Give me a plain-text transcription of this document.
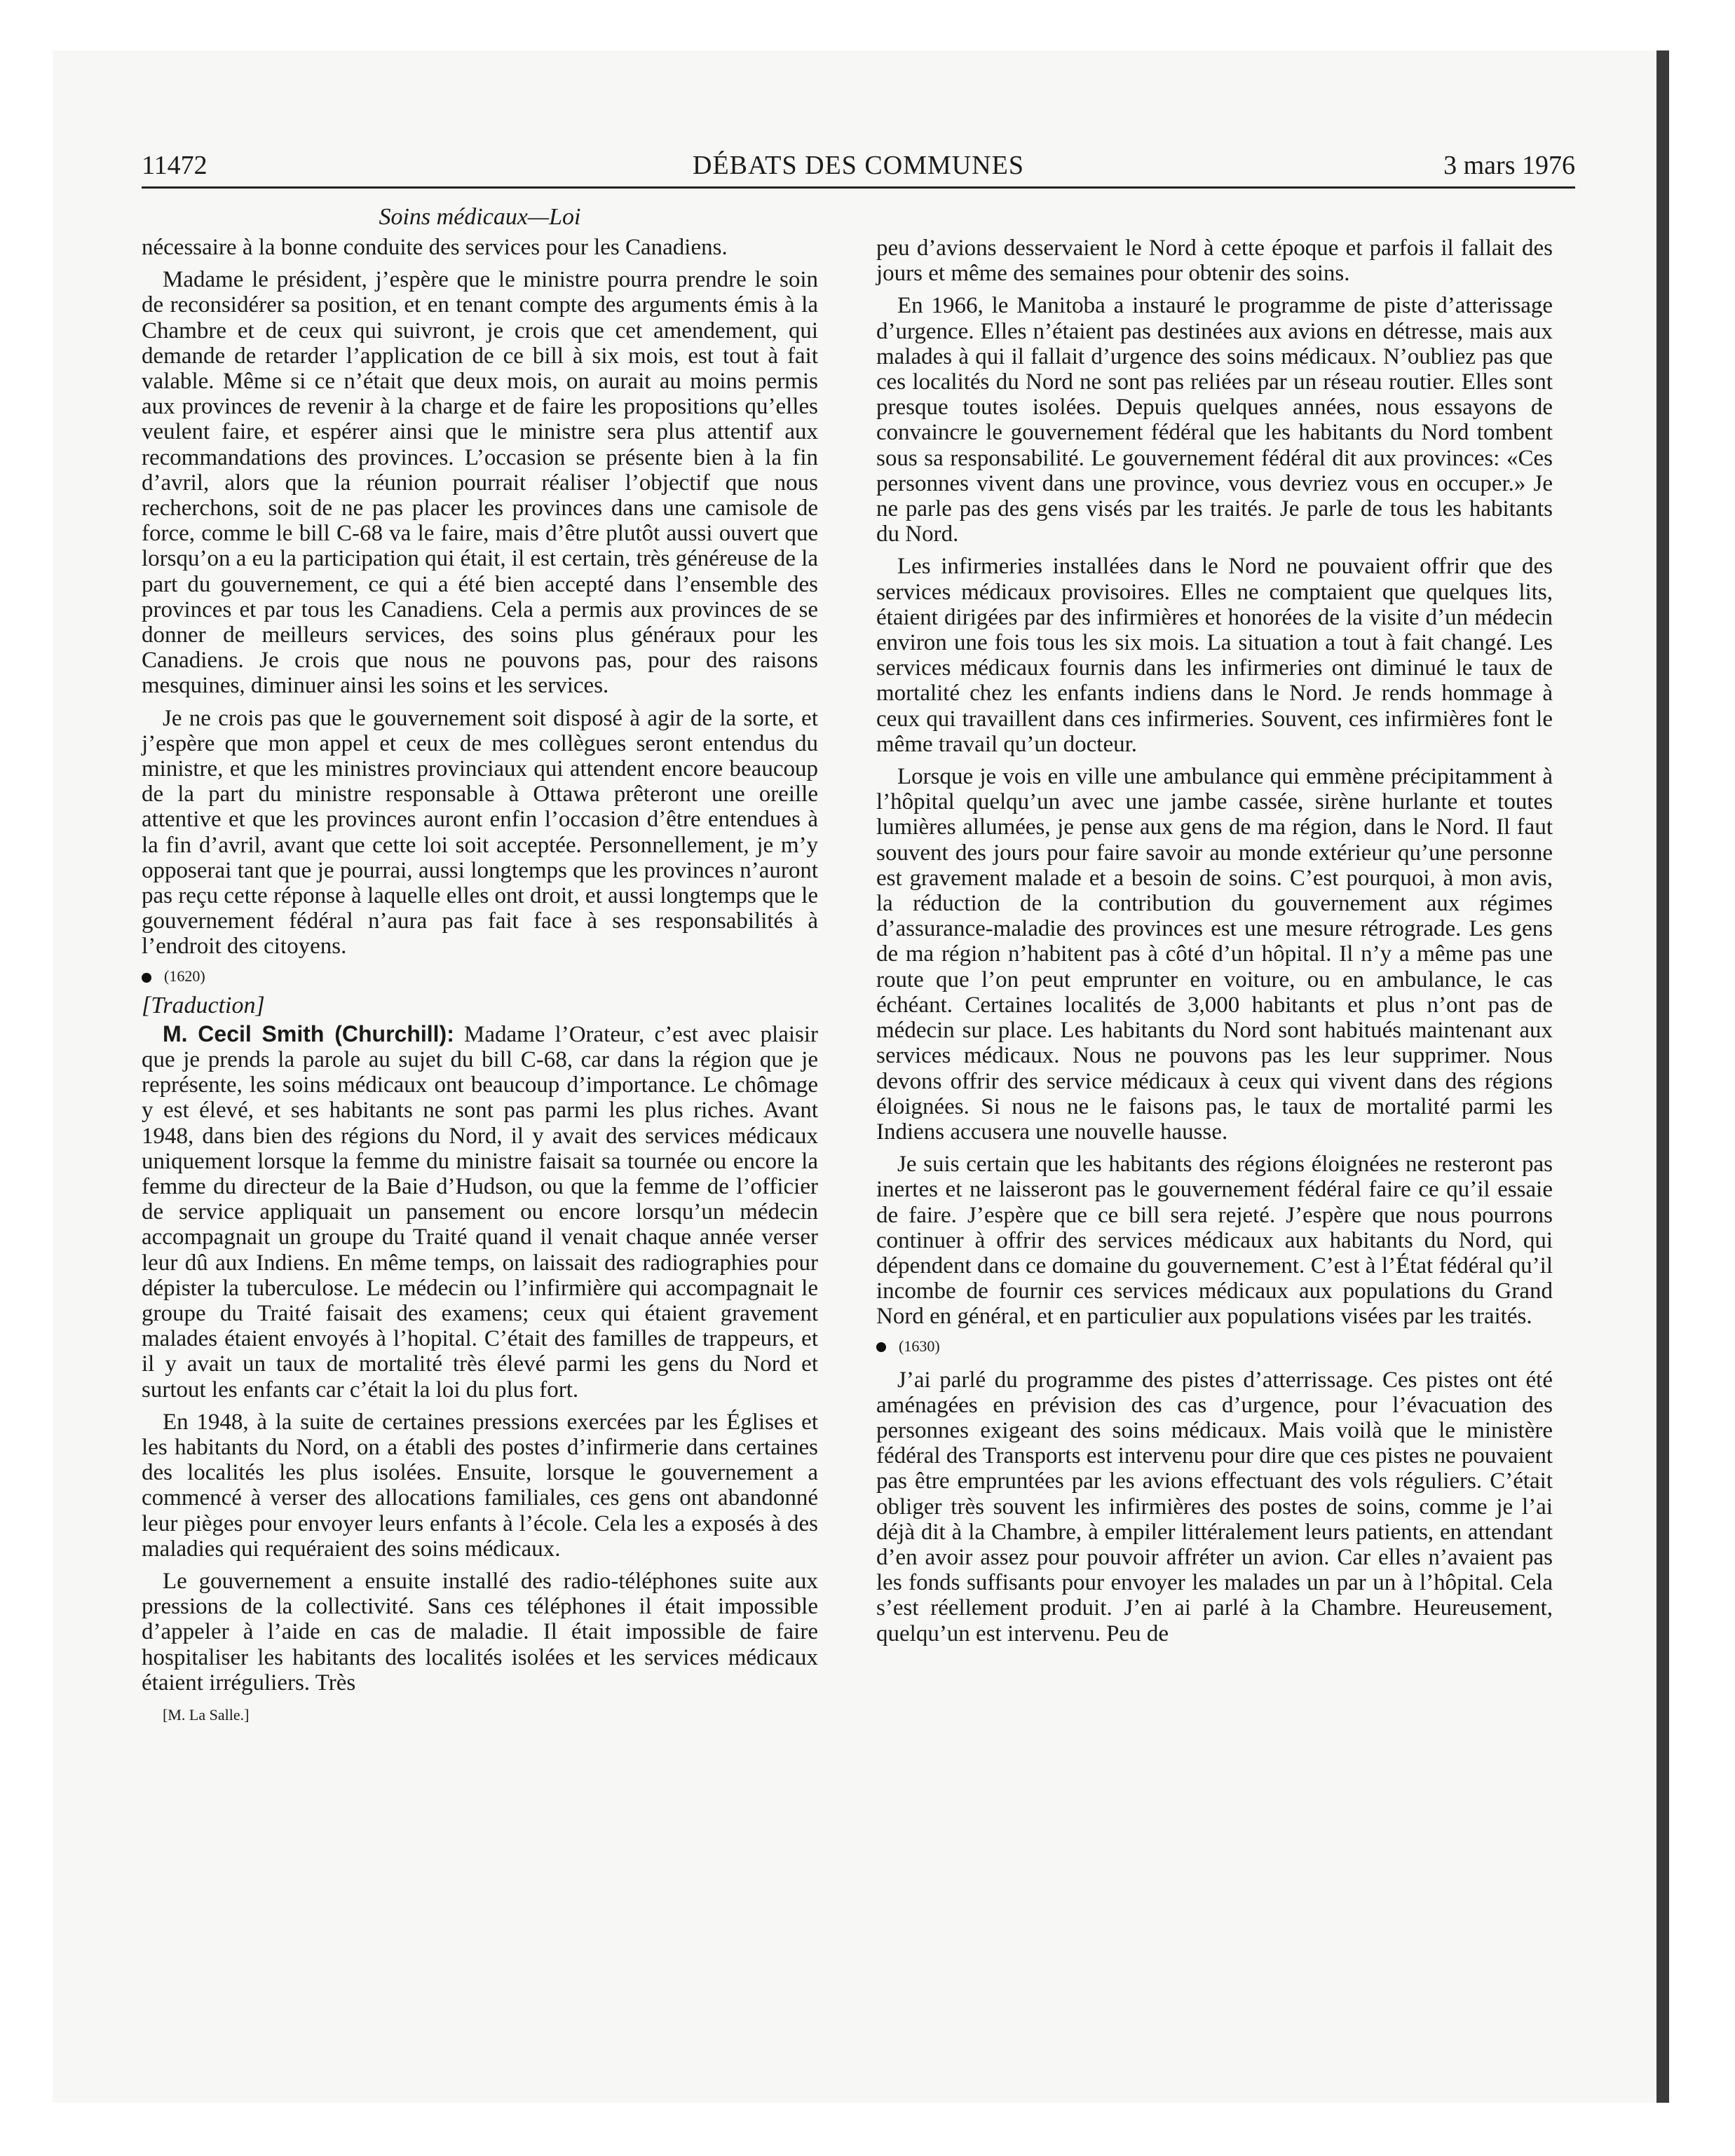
11472	DÉBATS DES COMMUNES	3 mars 1976
Soins médicaux—Loi

nécessaire à la bonne conduite des services pour les Canadiens.

Madame le président, j’espère que le ministre pourra prendre le soin de reconsidérer sa position, et en tenant compte des arguments émis à la Chambre et de ceux qui suivront, je crois que cet amendement, qui demande de retarder l’application de ce bill à six mois, est tout à fait valable. Même si ce n’était que deux mois, on aurait au moins permis aux provinces de revenir à la charge et de faire les propositions qu’elles veulent faire, et espérer ainsi que le ministre sera plus attentif aux recommandations des provinces. L’occasion se présente bien à la fin d’avril, alors que la réunion pourrait réaliser l’objectif que nous recherchons, soit de ne pas placer les provinces dans une camisole de force, comme le bill C-68 va le faire, mais d’être plutôt aussi ouvert que lorsqu’on a eu la participation qui était, il est certain, très généreuse de la part du gouvernement, ce qui a été bien accepté dans l’ensemble des provinces et par tous les Canadiens. Cela a permis aux provinces de se donner de meilleurs services, des soins plus généraux pour les Canadiens. Je crois que nous ne pouvons pas, pour des raisons mesquines, diminuer ainsi les soins et les services.

Je ne crois pas que le gouvernement soit disposé à agir de la sorte, et j’espère que mon appel et ceux de mes collègues seront entendus du ministre, et que les ministres provinciaux qui attendent encore beaucoup de la part du ministre responsable à Ottawa prêteront une oreille attentive et que les provinces auront enfin l’occasion d’être entendues à la fin d’avril, avant que cette loi soit acceptée. Personnellement, je m’y opposerai tant que je pourrai, aussi longtemps que les provinces n’auront pas reçu cette réponse à laquelle elles ont droit, et aussi longtemps que le gouvernement fédéral n’aura pas fait face à ses responsabilités à l’endroit des citoyens.

(1620)
[Traduction]

M. Cecil Smith (Churchill): Madame l’Orateur, c’est avec plaisir que je prends la parole au sujet du bill C-68, car dans la région que je représente, les soins médicaux ont beaucoup d’importance. Le chômage y est élevé, et ses habitants ne sont pas parmi les plus riches. Avant 1948, dans bien des régions du Nord, il y avait des services médicaux uniquement lorsque la femme du ministre faisait sa tournée ou encore la femme du directeur de la Baie d’Hudson, ou que la femme de l’officier de service appliquait un pansement ou encore lorsqu’un médecin accompagnait un groupe du Traité quand il venait chaque année verser leur dû aux Indiens. En même temps, on laissait des radiographies pour dépister la tuberculose. Le médecin ou l’infirmière qui accompagnait le groupe du Traité faisait des examens; ceux qui étaient gravement malades étaient envoyés à l’hopital. C’était des familles de trappeurs, et il y avait un taux de mortalité très élevé parmi les gens du Nord et surtout les enfants car c’était la loi du plus fort.

En 1948, à la suite de certaines pressions exercées par les Églises et les habitants du Nord, on a établi des postes d’infirmerie dans certaines des localités les plus isolées. Ensuite, lorsque le gouvernement a commencé à verser des allocations familiales, ces gens ont abandonné leur pièges pour envoyer leurs enfants à l’école. Cela les a exposés à des maladies qui requéraient des soins médicaux.

Le gouvernement a ensuite installé des radio-téléphones suite aux pressions de la collectivité. Sans ces téléphones il était impossible d’appeler à l’aide en cas de maladie. Il était impossible de faire hospitaliser les habitants des localités isolées et les services médicaux étaient irréguliers. Très

[M. La Salle.]

peu d’avions desservaient le Nord à cette époque et parfois il fallait des jours et même des semaines pour obtenir des soins.

En 1966, le Manitoba a instauré le programme de piste d’atterissage d’urgence. Elles n’étaient pas destinées aux avions en détresse, mais aux malades à qui il fallait d’urgence des soins médicaux. N’oubliez pas que ces localités du Nord ne sont pas reliées par un réseau routier. Elles sont presque toutes isolées. Depuis quelques années, nous essayons de convaincre le gouvernement fédéral que les habitants du Nord tombent sous sa responsabilité. Le gouvernement fédéral dit aux provinces: «Ces personnes vivent dans une province, vous devriez vous en occuper.» Je ne parle pas des gens visés par les traités. Je parle de tous les habitants du Nord.

Les infirmeries installées dans le Nord ne pouvaient offrir que des services médicaux provisoires. Elles ne comptaient que quelques lits, étaient dirigées par des infirmières et honorées de la visite d’un médecin environ une fois tous les six mois. La situation a tout à fait changé. Les services médicaux fournis dans les infirmeries ont diminué le taux de mortalité chez les enfants indiens dans le Nord. Je rends hommage à ceux qui travaillent dans ces infirmeries. Souvent, ces infirmières font le même travail qu’un docteur.

Lorsque je vois en ville une ambulance qui emmène précipitamment à l’hôpital quelqu’un avec une jambe cassée, sirène hurlante et toutes lumières allumées, je pense aux gens de ma région, dans le Nord. Il faut souvent des jours pour faire savoir au monde extérieur qu’une personne est gravement malade et a besoin de soins. C’est pourquoi, à mon avis, la réduction de la contribution du gouvernement aux régimes d’assurance-maladie des provinces est une mesure rétrograde. Les gens de ma région n’habitent pas à côté d’un hôpital. Il n’y a même pas une route que l’on peut emprunter en voiture, ou en ambulance, le cas échéant. Certaines localités de 3,000 habitants et plus n’ont pas de médecin sur place. Les habitants du Nord sont habitués maintenant aux services médicaux. Nous ne pouvons pas les leur supprimer. Nous devons offrir des service médicaux à ceux qui vivent dans des régions éloignées. Si nous ne le faisons pas, le taux de mortalité parmi les Indiens accusera une nouvelle hausse.

Je suis certain que les habitants des régions éloignées ne resteront pas inertes et ne laisseront pas le gouvernement fédéral faire ce qu’il essaie de faire. J’espère que ce bill sera rejeté. J’espère que nous pourrons continuer à offrir des services médicaux aux habitants du Nord, qui dépendent dans ce domaine du gouvernement. C’est à l’État fédéral qu’il incombe de fournir ces services médicaux aux populations du Grand Nord en général, et en particulier aux populations visées par les traités.

(1630)

J’ai parlé du programme des pistes d’atterrissage. Ces pistes ont été aménagées en prévision des cas d’urgence, pour l’évacuation des personnes exigeant des soins médicaux. Mais voilà que le ministère fédéral des Transports est intervenu pour dire que ces pistes ne pouvaient pas être empruntées par les avions effectuant des vols réguliers. C’était obliger très souvent les infirmières des postes de soins, comme je l’ai déjà dit à la Chambre, à empiler littéralement leurs patients, en attendant d’en avoir assez pour pouvoir affréter un avion. Car elles n’avaient pas les fonds suffisants pour envoyer les malades un par un à l’hôpital. Cela s’est réellement produit. J’en ai parlé à la Chambre. Heureusement, quelqu’un est intervenu. Peu de
